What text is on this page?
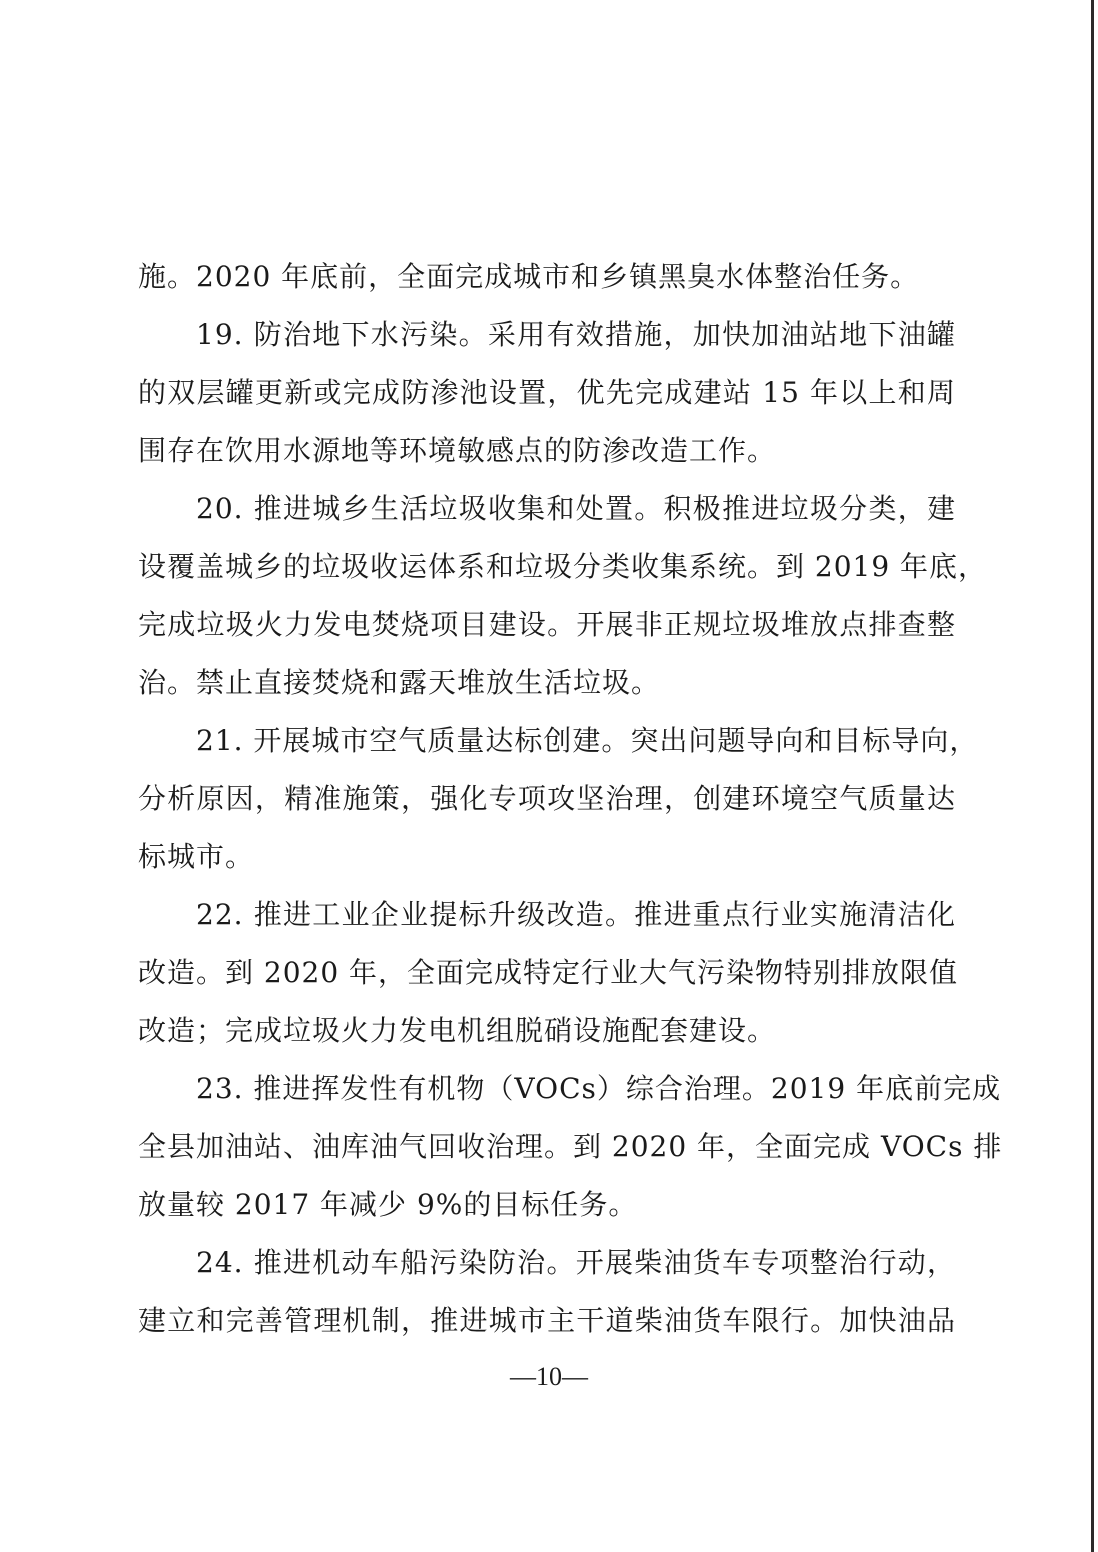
施。2020 年底前，全面完成城市和乡镇黑臭水体整治任务。
19. 防治地下水污染。采用有效措施，加快加油站地下油罐
的双层罐更新或完成防渗池设置，优先完成建站 15 年以上和周
围存在饮用水源地等环境敏感点的防渗改造工作。
20. 推进城乡生活垃圾收集和处置。积极推进垃圾分类，建
设覆盖城乡的垃圾收运体系和垃圾分类收集系统。到 2019 年底，
完成垃圾火力发电焚烧项目建设。开展非正规垃圾堆放点排查整
治。禁止直接焚烧和露天堆放生活垃圾。
21. 开展城市空气质量达标创建。突出问题导向和目标导向，
分析原因，精准施策，强化专项攻坚治理，创建环境空气质量达
标城市。
22. 推进工业企业提标升级改造。推进重点行业实施清洁化
改造。到 2020 年，全面完成特定行业大气污染物特别排放限值
改造；完成垃圾火力发电机组脱硝设施配套建设。
23. 推进挥发性有机物（VOCs）综合治理。2019 年底前完成
全县加油站、油库油气回收治理。到 2020 年，全面完成 VOCs 排
放量较 2017 年减少 9%的目标任务。
24. 推进机动车船污染防治。开展柴油货车专项整治行动，
建立和完善管理机制，推进城市主干道柴油货车限行。加快油品
—10—
